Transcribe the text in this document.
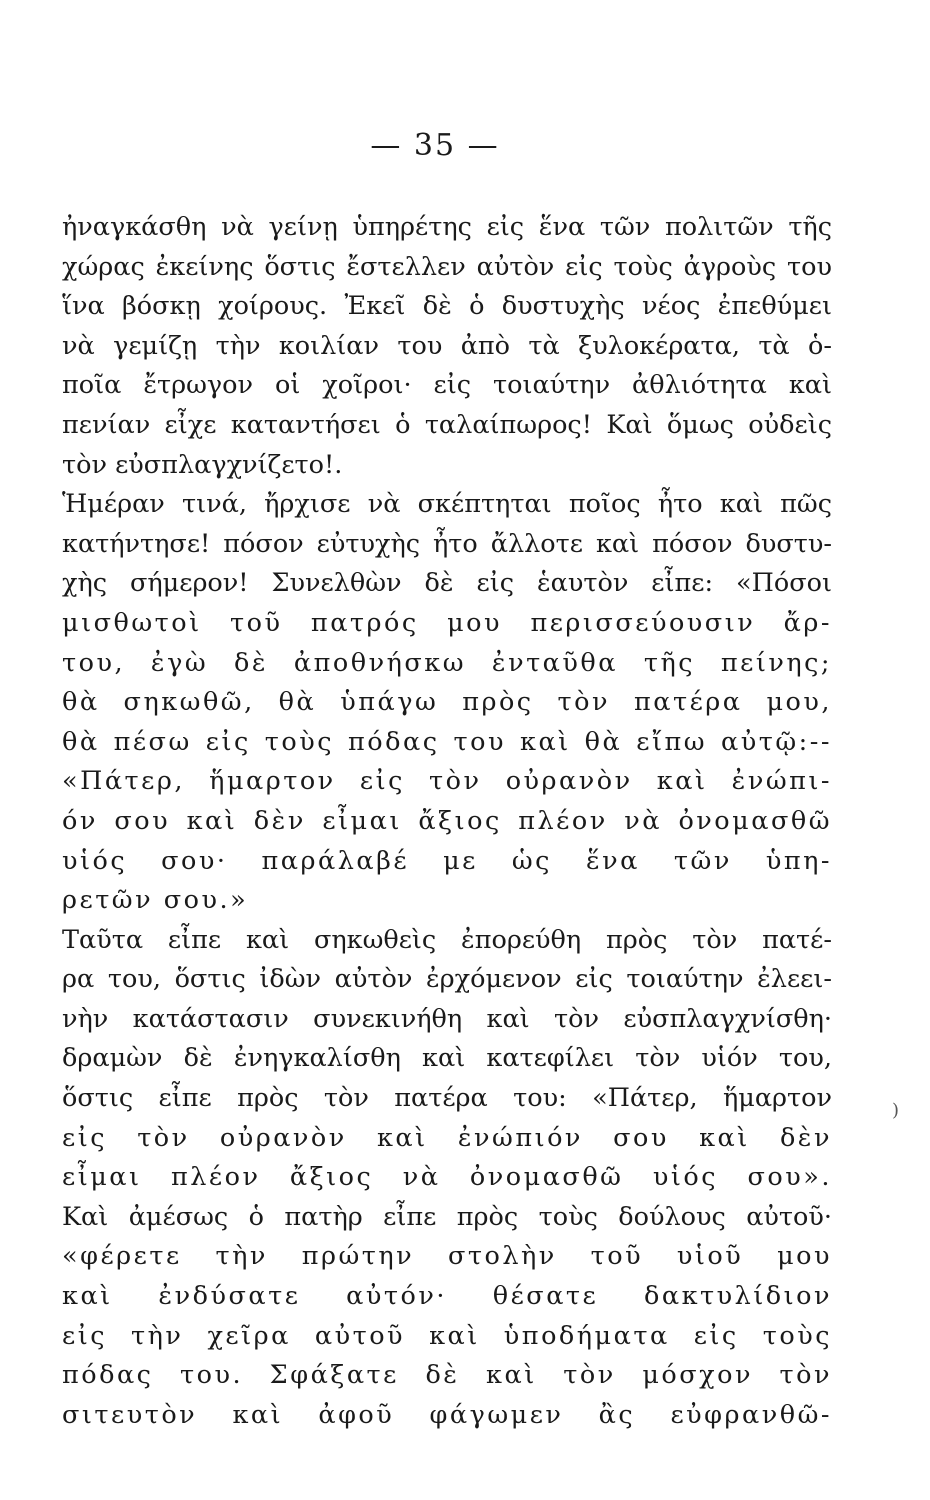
— 35 —
ἠναγκάσθη νὰ γείνῃ ὑπηρέτης εἰς ἕνα τῶν πολιτῶν τῆς
χώρας ἐκείνης ὅστις ἔστελλεν αὐτὸν εἰς τοὺς ἀγροὺς του
ἵνα βόσκῃ χοίρους. Ἐκεῖ δὲ ὁ δυστυχὴς νέος ἐπεθύμει
νὰ γεμίζῃ τὴν κοιλίαν του ἀπὸ τὰ ξυλοκέρατα, τὰ ὁ-
ποῖα ἔτρωγον οἱ χοῖροι· εἰς τοιαύτην ἀθλιότητα καὶ
πενίαν εἶχε καταντήσει ὁ ταλαίπωρος! Καὶ ὅμως οὐδεὶς
τὸν εὐσπλαγχνίζετο!.
Ἡμέραν τινά, ἤρχισε νὰ σκέπτηται ποῖος ἦτο καὶ πῶς
κατήντησε! πόσον εὐτυχὴς ἦτο ἄλλοτε καὶ πόσον δυστυ-
χὴς σήμερον! Συνελθὼν δὲ εἰς ἑαυτὸν εἶπε: «Πόσοι
μισθωτοὶ τοῦ πατρός μου περισσεύουσιν ἄρ-
του, ἐγὼ δὲ ἀποθνήσκω ἐνταῦθα τῆς πείνης;
θὰ σηκωθῶ, θὰ ὑπάγω πρὸς τὸν πατέρα μου,
θὰ πέσω εἰς τοὺς πόδας του καὶ θὰ εἴπω αὐτῷ:--
«Πάτερ, ἥμαρτον εἰς τὸν οὐρανὸν καὶ ἐνώπι-
όν σου καὶ δὲν εἶμαι ἄξιος πλέον νὰ ὀνομασθῶ
υἱός σου· παράλαβέ με ὡς ἕνα τῶν ὑπη-
ρετῶν σου.»
Ταῦτα εἶπε καὶ σηκωθεὶς ἐπορεύθη πρὸς τὸν πατέ-
ρα του, ὅστις ἰδὼν αὐτὸν ἐρχόμενον εἰς τοιαύτην ἐλεει-
νὴν κατάστασιν συνεκινήθη καὶ τὸν εὐσπλαγχνίσθη·
δραμὼν δὲ ἐνηγκαλίσθη καὶ κατεφίλει τὸν υἱόν του,
ὅστις εἶπε πρὸς τὸν πατέρα του: «Πάτερ, ἥμαρτον
εἰς τὸν οὐρανὸν καὶ ἐνώπιόν σου καὶ δὲν
εἶμαι πλέον ἄξιος νὰ ὀνομασθῶ υἱός σου».
Καὶ ἀμέσως ὁ πατὴρ εἶπε πρὸς τοὺς δούλους αὐτοῦ·
«φέρετε τὴν πρώτην στολὴν τοῦ υἱοῦ μου
καὶ ἐνδύσατε αὐτόν· θέσατε δακτυλίδιον
εἰς τὴν χεῖρα αὐτοῦ καὶ ὑποδήματα εἰς τοὺς
πόδας του. Σφάξατε δὲ καὶ τὸν μόσχον τὸν
σιτευτὸν καὶ ἀφοῦ φάγωμεν ἂς εὐφρανθῶ-
)
